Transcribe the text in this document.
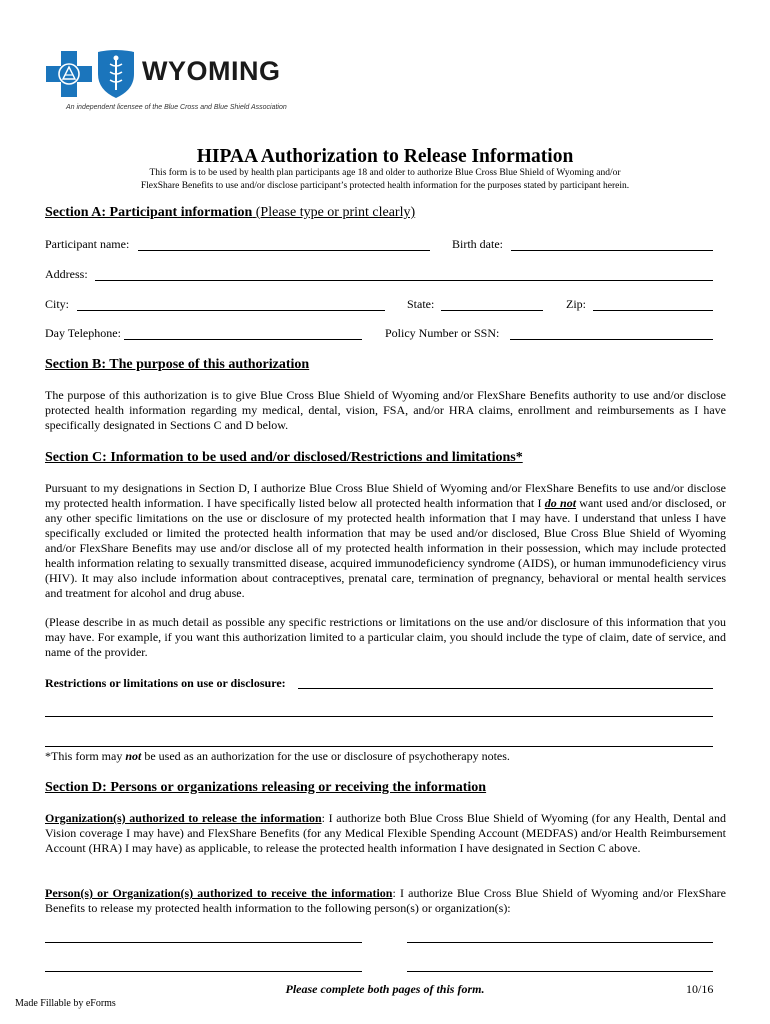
WYOMING
An independent licensee of the Blue Cross and Blue Shield Association
HIPAA Authorization to Release Information
This form is to be used by health plan participants age 18 and older to authorize Blue Cross Blue Shield of Wyoming and/or
FlexShare Benefits to use and/or disclose participant’s protected health information for the purposes stated by participant herein.
Section A: Participant information (Please type or print clearly)
Participant name:	Birth date:
Address:
City:	State:	Zip:
Day Telephone:	Policy Number or SSN:
Section B: The purpose of this authorization
The purpose of this authorization is to give Blue Cross Blue Shield of Wyoming and/or FlexShare Benefits authority to use and/or disclose protected health information regarding my medical, dental, vision, FSA, and/or HRA claims, enrollment and reimbursements as I have specifically designated in Sections C and D below.
Section C: Information to be used and/or disclosed/Restrictions and limitations*
Pursuant to my designations in Section D, I authorize Blue Cross Blue Shield of Wyoming and/or FlexShare Benefits to use and/or disclose my protected health information. I have specifically listed below all protected health information that I do not want used and/or disclosed, or any other specific limitations on the use or disclosure of my protected health information that I may have. I understand that unless I have specifically excluded or limited the protected health information that may be used and/or disclosed, Blue Cross Blue Shield of Wyoming and/or FlexShare Benefits may use and/or disclose all of my protected health information in their possession, which may include protected health information relating to sexually transmitted disease, acquired immunodeficiency syndrome (AIDS), or human immunodeficiency virus (HIV). It may also include information about contraceptives, prenatal care, termination of pregnancy, behavioral or mental health services and treatment for alcohol and drug abuse.
(Please describe in as much detail as possible any specific restrictions or limitations on the use and/or disclosure of this information that you may have. For example, if you want this authorization limited to a particular claim, you should include the type of claim, date of service, and name of the provider.
Restrictions or limitations on use or disclosure:
*This form may not be used as an authorization for the use or disclosure of psychotherapy notes.
Section D: Persons or organizations releasing or receiving the information
Organization(s) authorized to release the information: I authorize both Blue Cross Blue Shield of Wyoming (for any Health, Dental and Vision coverage I may have) and FlexShare Benefits (for any Medical Flexible Spending Account (MEDFAS) and/or Health Reimbursement Account (HRA) I may have) as applicable, to release the protected health information I have designated in Section C above.
Person(s) or Organization(s) authorized to receive the information: I authorize Blue Cross Blue Shield of Wyoming and/or FlexShare Benefits to release my protected health information to the following person(s) or organization(s):
Please complete both pages of this form.	10/16
Made Fillable by eForms
